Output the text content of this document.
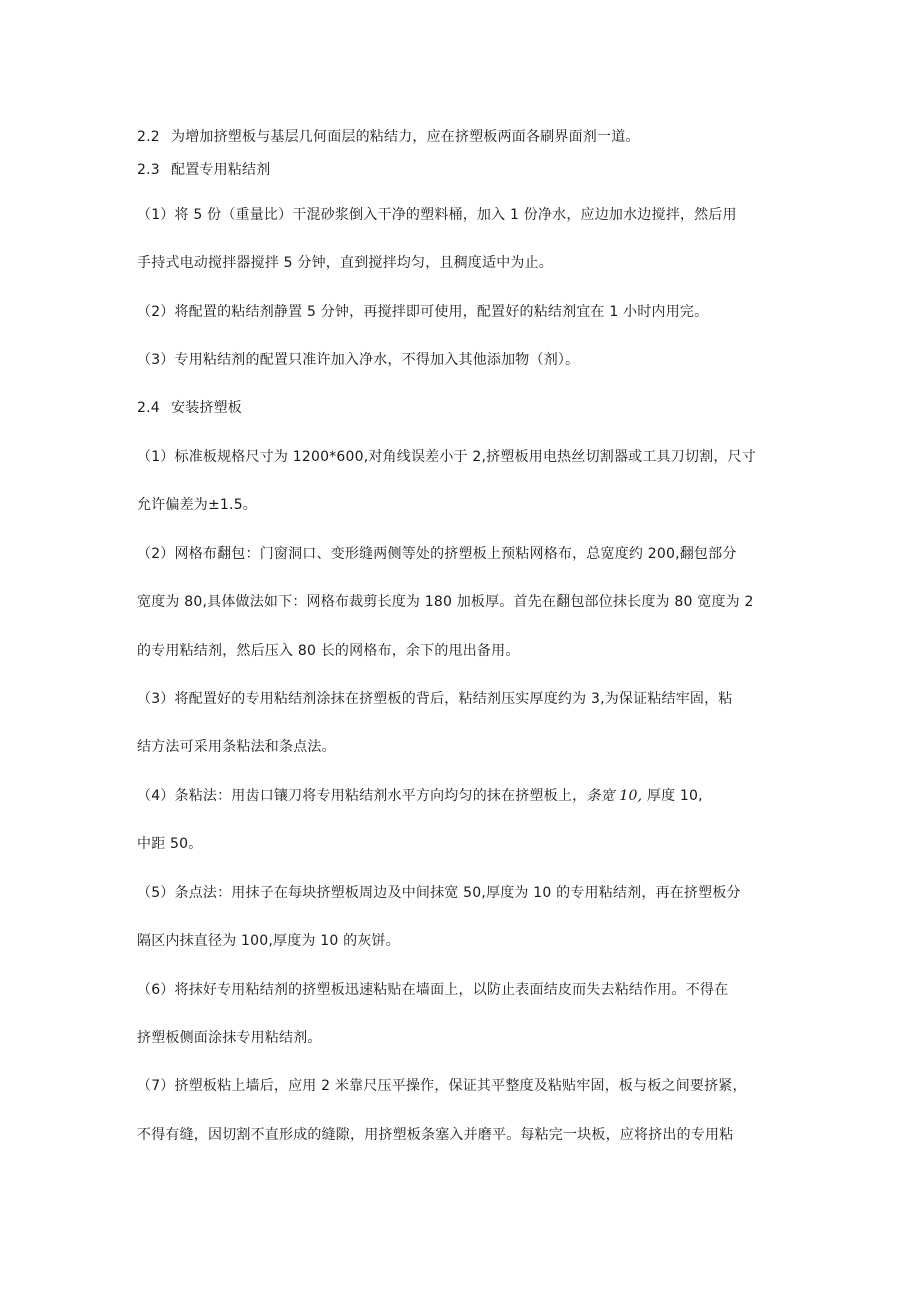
2.2 为增加挤塑板与基层几何面层的粘结力，应在挤塑板两面各刷界面剂一道。
2.3 配置专用粘结剂
（1）将 5 份（重量比）干混砂浆倒入干净的塑料桶，加入 1 份净水，应边加水边搅拌，然后用
手持式电动搅拌器搅拌 5 分钟，直到搅拌均匀，且稠度适中为止。
（2）将配置的粘结剂静置 5 分钟，再搅拌即可使用，配置好的粘结剂宜在 1 小时内用完。
（3）专用粘结剂的配置只准许加入净水，不得加入其他添加物（剂）。
2.4 安装挤塑板
（1）标准板规格尺寸为 1200*600,对角线误差小于 2,挤塑板用电热丝切割器或工具刀切割，尺寸
允许偏差为±1.5。
（2）网格布翻包：门窗洞口、变形缝两侧等处的挤塑板上预粘网格布，总宽度约 200,翻包部分
宽度为 80,具体做法如下：网格布裁剪长度为 180 加板厚。首先在翻包部位抹长度为 80 宽度为 2
的专用粘结剂，然后压入 80 长的网格布，余下的甩出备用。
（3）将配置好的专用粘结剂涂抹在挤塑板的背后，粘结剂压实厚度约为 3,为保证粘结牢固，粘
结方法可采用条粘法和条点法。
（4）条粘法：用齿口镶刀将专用粘结剂水平方向均匀的抹在挤塑板上，条宽 10, 厚度 10,
中距 50。
（5）条点法：用抹子在每块挤塑板周边及中间抹宽 50,厚度为 10 的专用粘结剂，再在挤塑板分
隔区内抹直径为 100,厚度为 10 的灰饼。
（6）将抹好专用粘结剂的挤塑板迅速粘贴在墙面上，以防止表面结皮而失去粘结作用。不得在
挤塑板侧面涂抹专用粘结剂。
（7）挤塑板粘上墙后，应用 2 米靠尺压平操作，保证其平整度及粘贴牢固，板与板之间要挤紧，
不得有缝，因切割不直形成的缝隙，用挤塑板条塞入并磨平。每粘完一块板，应将挤出的专用粘
